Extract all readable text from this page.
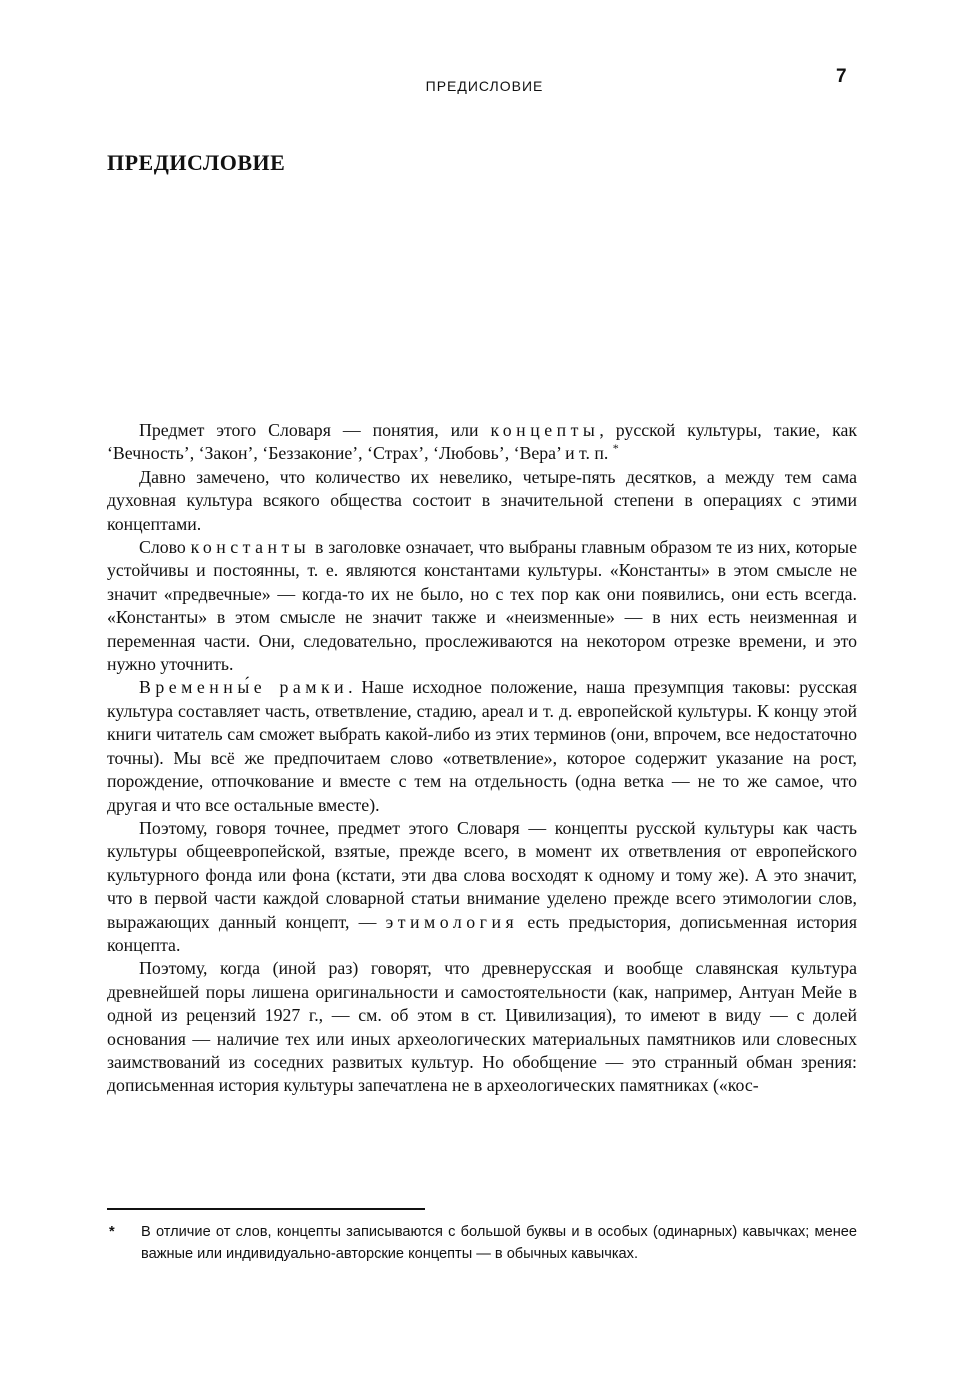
ПРЕДИСЛОВИЕ	7
ПРЕДИСЛОВИЕ

Предмет этого Словаря — понятия, или концепты, русской культуры, такие, как ‘Вечность’, ‘Закон’, ‘Беззаконие’, ‘Страх’, ‘Любовь’, ‘Вера’ и т. п. *

Давно замечено, что количество их невелико, четыре-пять десятков, а между тем сама духовная культура всякого общества состоит в значительной степени в операциях с этими концептами.

Слово константы в заголовке означает, что выбраны главным образом те из них, которые устойчивы и постоянны, т. е. являются константами культуры. «Константы» в этом смысле не значит «предвечные» — когда-то их не было, но с тех пор как они появились, они есть всегда. «Константы» в этом смысле не значит также и «неизменные» — в них есть неизменная и переменная части. Они, следовательно, прослеживаются на некотором отрезке времени, и это нужно уточнить.

Временны́е рамки. Наше исходное положение, наша презумпция таковы: русская культура составляет часть, ответвление, стадию, ареал и т. д. европейской культуры. К концу этой книги читатель сам сможет выбрать какой-либо из этих терминов (они, впрочем, все недостаточно точны). Мы всё же предпочитаем слово «ответвление», которое содержит указание на рост, порождение, отпочкование и вместе с тем на отдельность (одна ветка — не то же самое, что другая и что все остальные вместе).

Поэтому, говоря точнее, предмет этого Словаря — концепты русской культуры как часть культуры общеевропейской, взятые, прежде всего, в момент их ответвления от европейского культурного фонда или фона (кстати, эти два слова восходят к одному и тому же). А это значит, что в первой части каждой словарной статьи внимание уделено прежде всего этимологии слов, выражающих данный концепт, — этимология есть предыстория, дописьменная история концепта.

Поэтому, когда (иной раз) говорят, что древнерусская и вообще славянская культура древнейшей поры лишена оригинальности и самостоятельности (как, например, Антуан Мейе в одной из рецензий 1927 г., — см. об этом в ст. Цивилизация), то имеют в виду — с долей основания — наличие тех или иных археологических материальных памятников или словесных заимствований из соседних развитых культур. Но обобщение — это странный обман зрения: дописьменная история культуры запечатлена не в археологических памятниках («кос-

* В отличие от слов, концепты записываются с большой буквы и в особых (одинарных) кавычках; менее важные или индивидуально-авторские концепты — в обычных кавычках.
